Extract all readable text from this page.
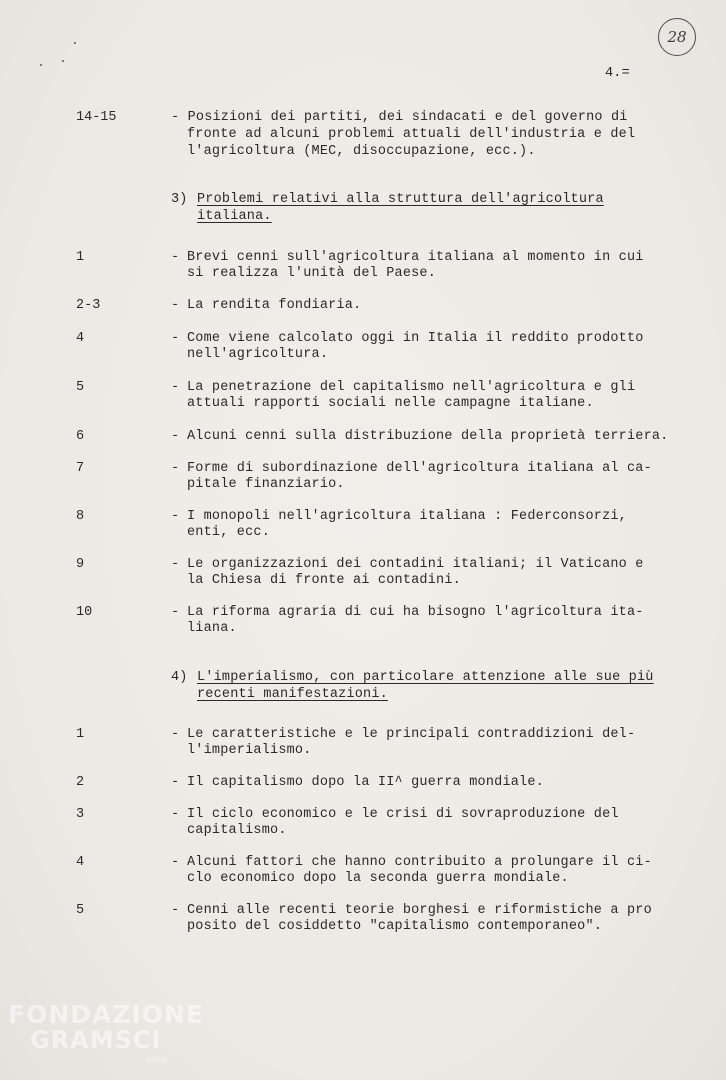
28
4.=
14-15	- Posizioni dei partiti, dei sindacati e del governo di
fronte ad alcuni problemi attuali dell'industria e del
l'agricoltura (MEC, disoccupazione, ecc.).
3) Problemi relativi alla struttura dell'agricoltura
italiana.
1	- Brevi cenni sull'agricoltura italiana al momento in cui
si realizza l'unità del Paese.
2-3	- La rendita fondiaria.
4	- Come viene calcolato oggi in Italia il reddito prodotto
nell'agricoltura.
5	- La penetrazione del capitalismo nell'agricoltura e gli
attuali rapporti sociali nelle campagne italiane.
6	- Alcuni cenni sulla distribuzione della proprietà terriera.
7	- Forme di subordinazione dell'agricoltura italiana al ca-
pitale finanziario.
8	- I monopoli nell'agricoltura italiana : Federconsorzi,
enti, ecc.
9	- Le organizzazioni dei contadini italiani; il Vaticano e
la Chiesa di fronte ai contadini.
10	- La riforma agraria di cui ha bisogno l'agricoltura ita-
liana.
4) L'imperialismo, con particolare attenzione alle sue più
recenti manifestazioni.
1	- Le caratteristiche e le principali contraddizioni del-
l'imperialismo.
2	- Il capitalismo dopo la II^ guerra mondiale.
3	- Il ciclo economico e le crisi di sovraproduzione del
capitalismo.
4	- Alcuni fattori che hanno contribuito a prolungare il ci-
clo economico dopo la seconda guerra mondiale.
5	- Cenni alle recenti teorie borghesi e riformistiche a pro
posito del cosiddetto "capitalismo contemporaneo".
FONDAZIONE
GRAMSCI
onlus
